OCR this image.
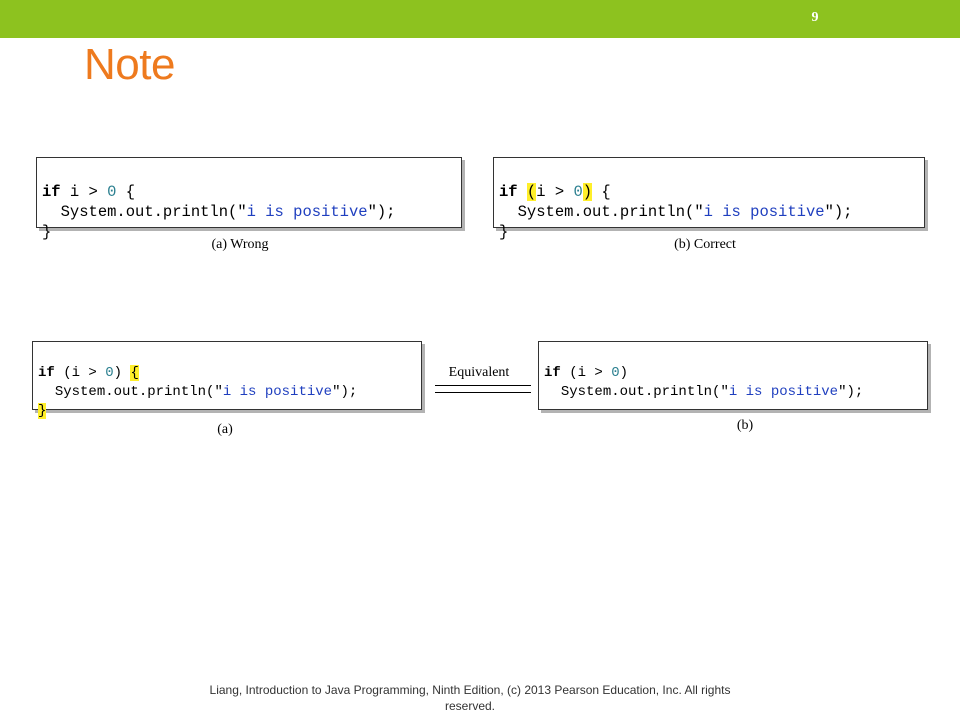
9
Note

if i > 0 {
System.out.println("i is positive");
}

(a) Wrong

if (i > 0) {
System.out.println("i is positive");
}

(b) Correct

if (i > 0) {
System.out.println("i is positive");
}

(a)
Equivalent	if (i > 0)
System.out.println("i is positive");

(b)
Liang, Introduction to Java Programming, Ninth Edition, (c) 2013 Pearson Education, Inc. All rights reserved.
